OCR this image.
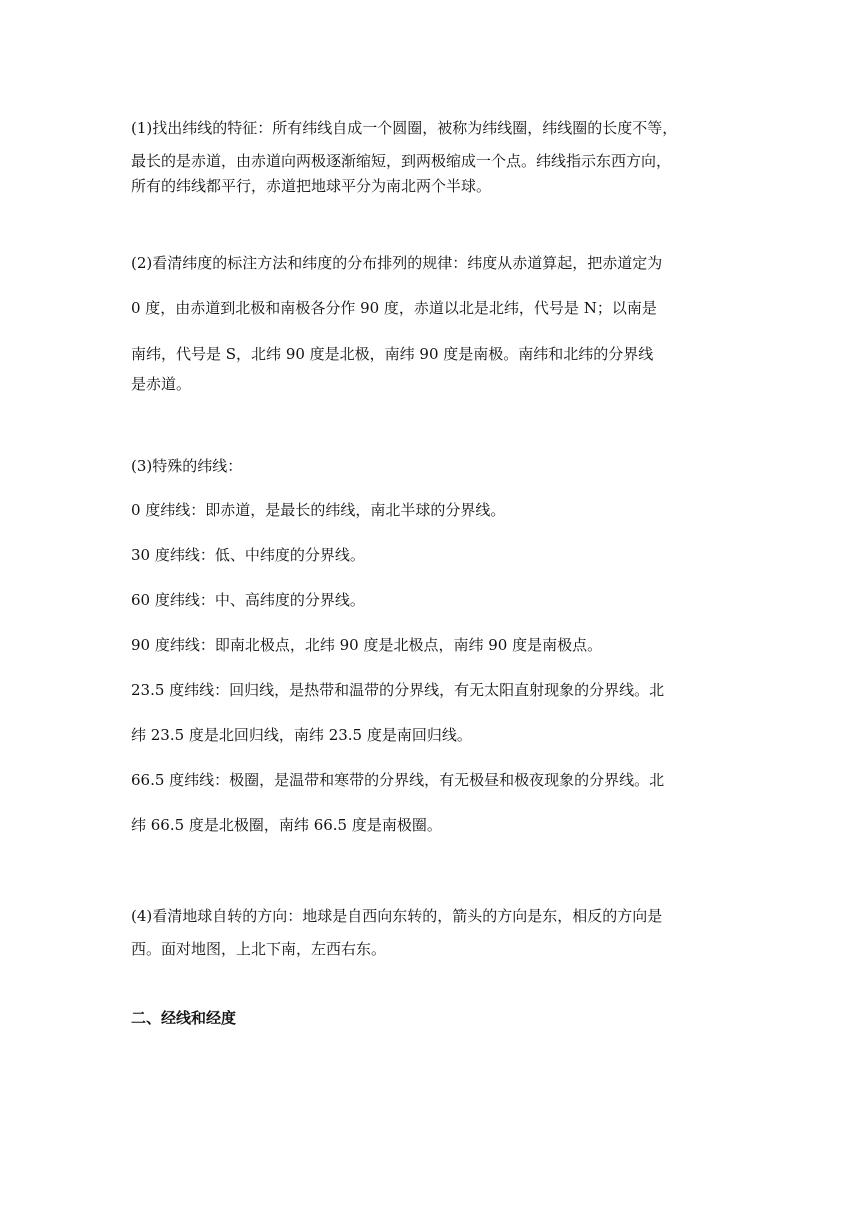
(1)找出纬线的特征：所有纬线自成一个圆圈，被称为纬线圈，纬线圈的长度不等，
最长的是赤道，由赤道向两极逐渐缩短，到两极缩成一个点。纬线指示东西方向，
所有的纬线都平行，赤道把地球平分为南北两个半球。
(2)看清纬度的标注方法和纬度的分布排列的规律：纬度从赤道算起，把赤道定为
0 度，由赤道到北极和南极各分作 90 度，赤道以北是北纬，代号是 N；以南是
南纬，代号是 S，北纬 90 度是北极，南纬 90 度是南极。南纬和北纬的分界线
是赤道。
(3)特殊的纬线：
0 度纬线：即赤道，是最长的纬线，南北半球的分界线。
30 度纬线：低、中纬度的分界线。
60 度纬线：中、高纬度的分界线。
90 度纬线：即南北极点，北纬 90 度是北极点，南纬 90 度是南极点。
23.5 度纬线：回归线，是热带和温带的分界线，有无太阳直射现象的分界线。北
纬 23.5 度是北回归线，南纬 23.5 度是南回归线。
66.5 度纬线：极圈，是温带和寒带的分界线，有无极昼和极夜现象的分界线。北
纬 66.5 度是北极圈，南纬 66.5 度是南极圈。
(4)看清地球自转的方向：地球是自西向东转的，箭头的方向是东，相反的方向是
西。面对地图，上北下南，左西右东。
二、经线和经度
